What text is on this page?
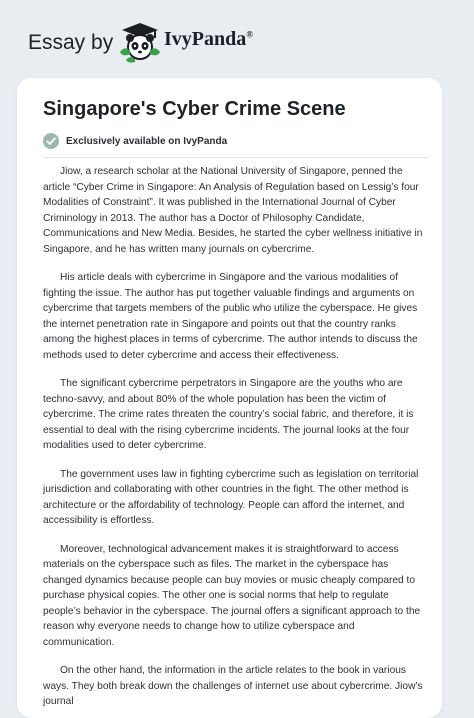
Essay by	IvyPanda®
Singapore's Cyber Crime Scene
Exclusively available on IvyPanda

Jiow, a research scholar at the National University of Singapore, penned the article “Cyber Crime in Singapore: An Analysis of Regulation based on Lessig’s four Modalities of Constraint”. It was published in the International Journal of Cyber Criminology in 2013. The author has a Doctor of Philosophy Candidate, Communications and New Media. Besides, he started the cyber wellness initiative in Singapore, and he has written many journals on cybercrime.

His article deals with cybercrime in Singapore and the various modalities of fighting the issue. The author has put together valuable findings and arguments on cybercrime that targets members of the public who utilize the cyberspace. He gives the internet penetration rate in Singapore and points out that the country ranks among the highest places in terms of cybercrime. The author intends to discuss the methods used to deter cybercrime and access their effectiveness.

The significant cybercrime perpetrators in Singapore are the youths who are techno-savvy, and about 80% of the whole population has been the victim of cybercrime. The crime rates threaten the country’s social fabric, and therefore, it is essential to deal with the rising cybercrime incidents. The journal looks at the four modalities used to deter cybercrime.

The government uses law in fighting cybercrime such as legislation on territorial jurisdiction and collaborating with other countries in the fight. The other method is architecture or the affordability of technology. People can afford the internet, and accessibility is effortless.

Moreover, technological advancement makes it is straightforward to access materials on the cyberspace such as files. The market in the cyberspace has changed dynamics because people can buy movies or music cheaply compared to purchase physical copies. The other one is social norms that help to regulate people’s behavior in the cyberspace. The journal offers a significant approach to the reason why everyone needs to change how to utilize cyberspace and communication.

On the other hand, the information in the article relates to the book in various ways. They both break down the challenges of internet use about cybercrime. Jiow’s journal
